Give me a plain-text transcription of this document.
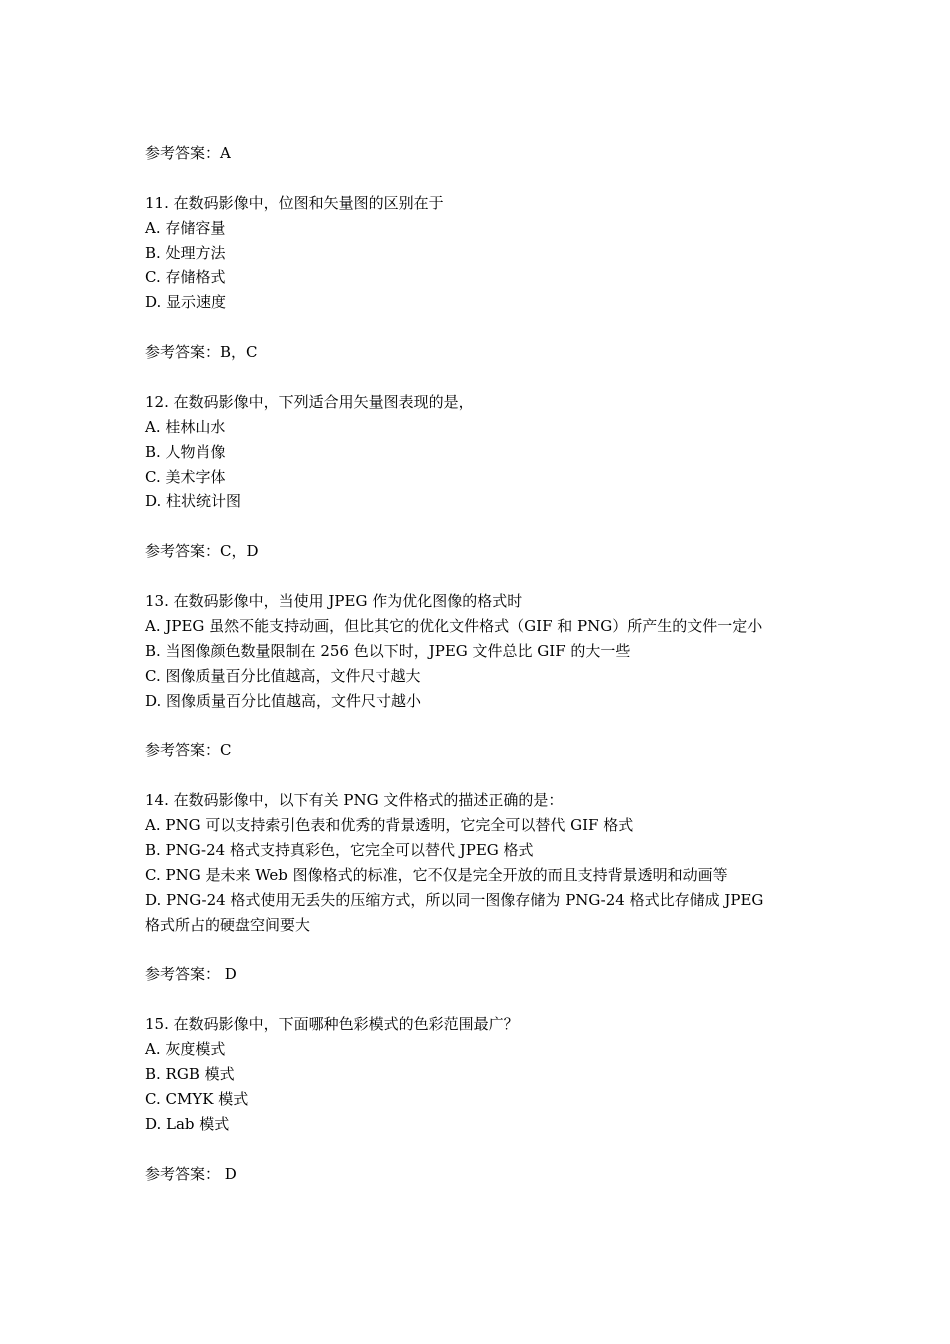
参考答案：A
11. 在数码影像中，位图和矢量图的区别在于
A. 存储容量
B. 处理方法
C. 存储格式
D. 显示速度
参考答案：B，C
12. 在数码影像中，下列适合用矢量图表现的是，
A. 桂林山水
B. 人物肖像
C. 美术字体
D. 柱状统计图
参考答案：C，D
13. 在数码影像中，当使用 JPEG 作为优化图像的格式时
A. JPEG 虽然不能支持动画，但比其它的优化文件格式（GIF 和 PNG）所产生的文件一定小
B. 当图像颜色数量限制在 256 色以下时，JPEG 文件总比 GIF 的大一些
C. 图像质量百分比值越高，文件尺寸越大
D. 图像质量百分比值越高，文件尺寸越小
参考答案：C
14. 在数码影像中，以下有关 PNG 文件格式的描述正确的是：
A. PNG 可以支持索引色表和优秀的背景透明，它完全可以替代 GIF 格式
B. PNG-24 格式支持真彩色，它完全可以替代 JPEG 格式
C. PNG 是未来 Web 图像格式的标准，它不仅是完全开放的而且支持背景透明和动画等
D. PNG-24 格式使用无丢失的压缩方式，所以同一图像存储为 PNG-24 格式比存储成 JPEG
格式所占的硬盘空间要大
参考答案： D
15. 在数码影像中，下面哪种色彩模式的色彩范围最广？
A. 灰度模式
B. RGB 模式
C. CMYK 模式
D. Lab 模式
参考答案： D
